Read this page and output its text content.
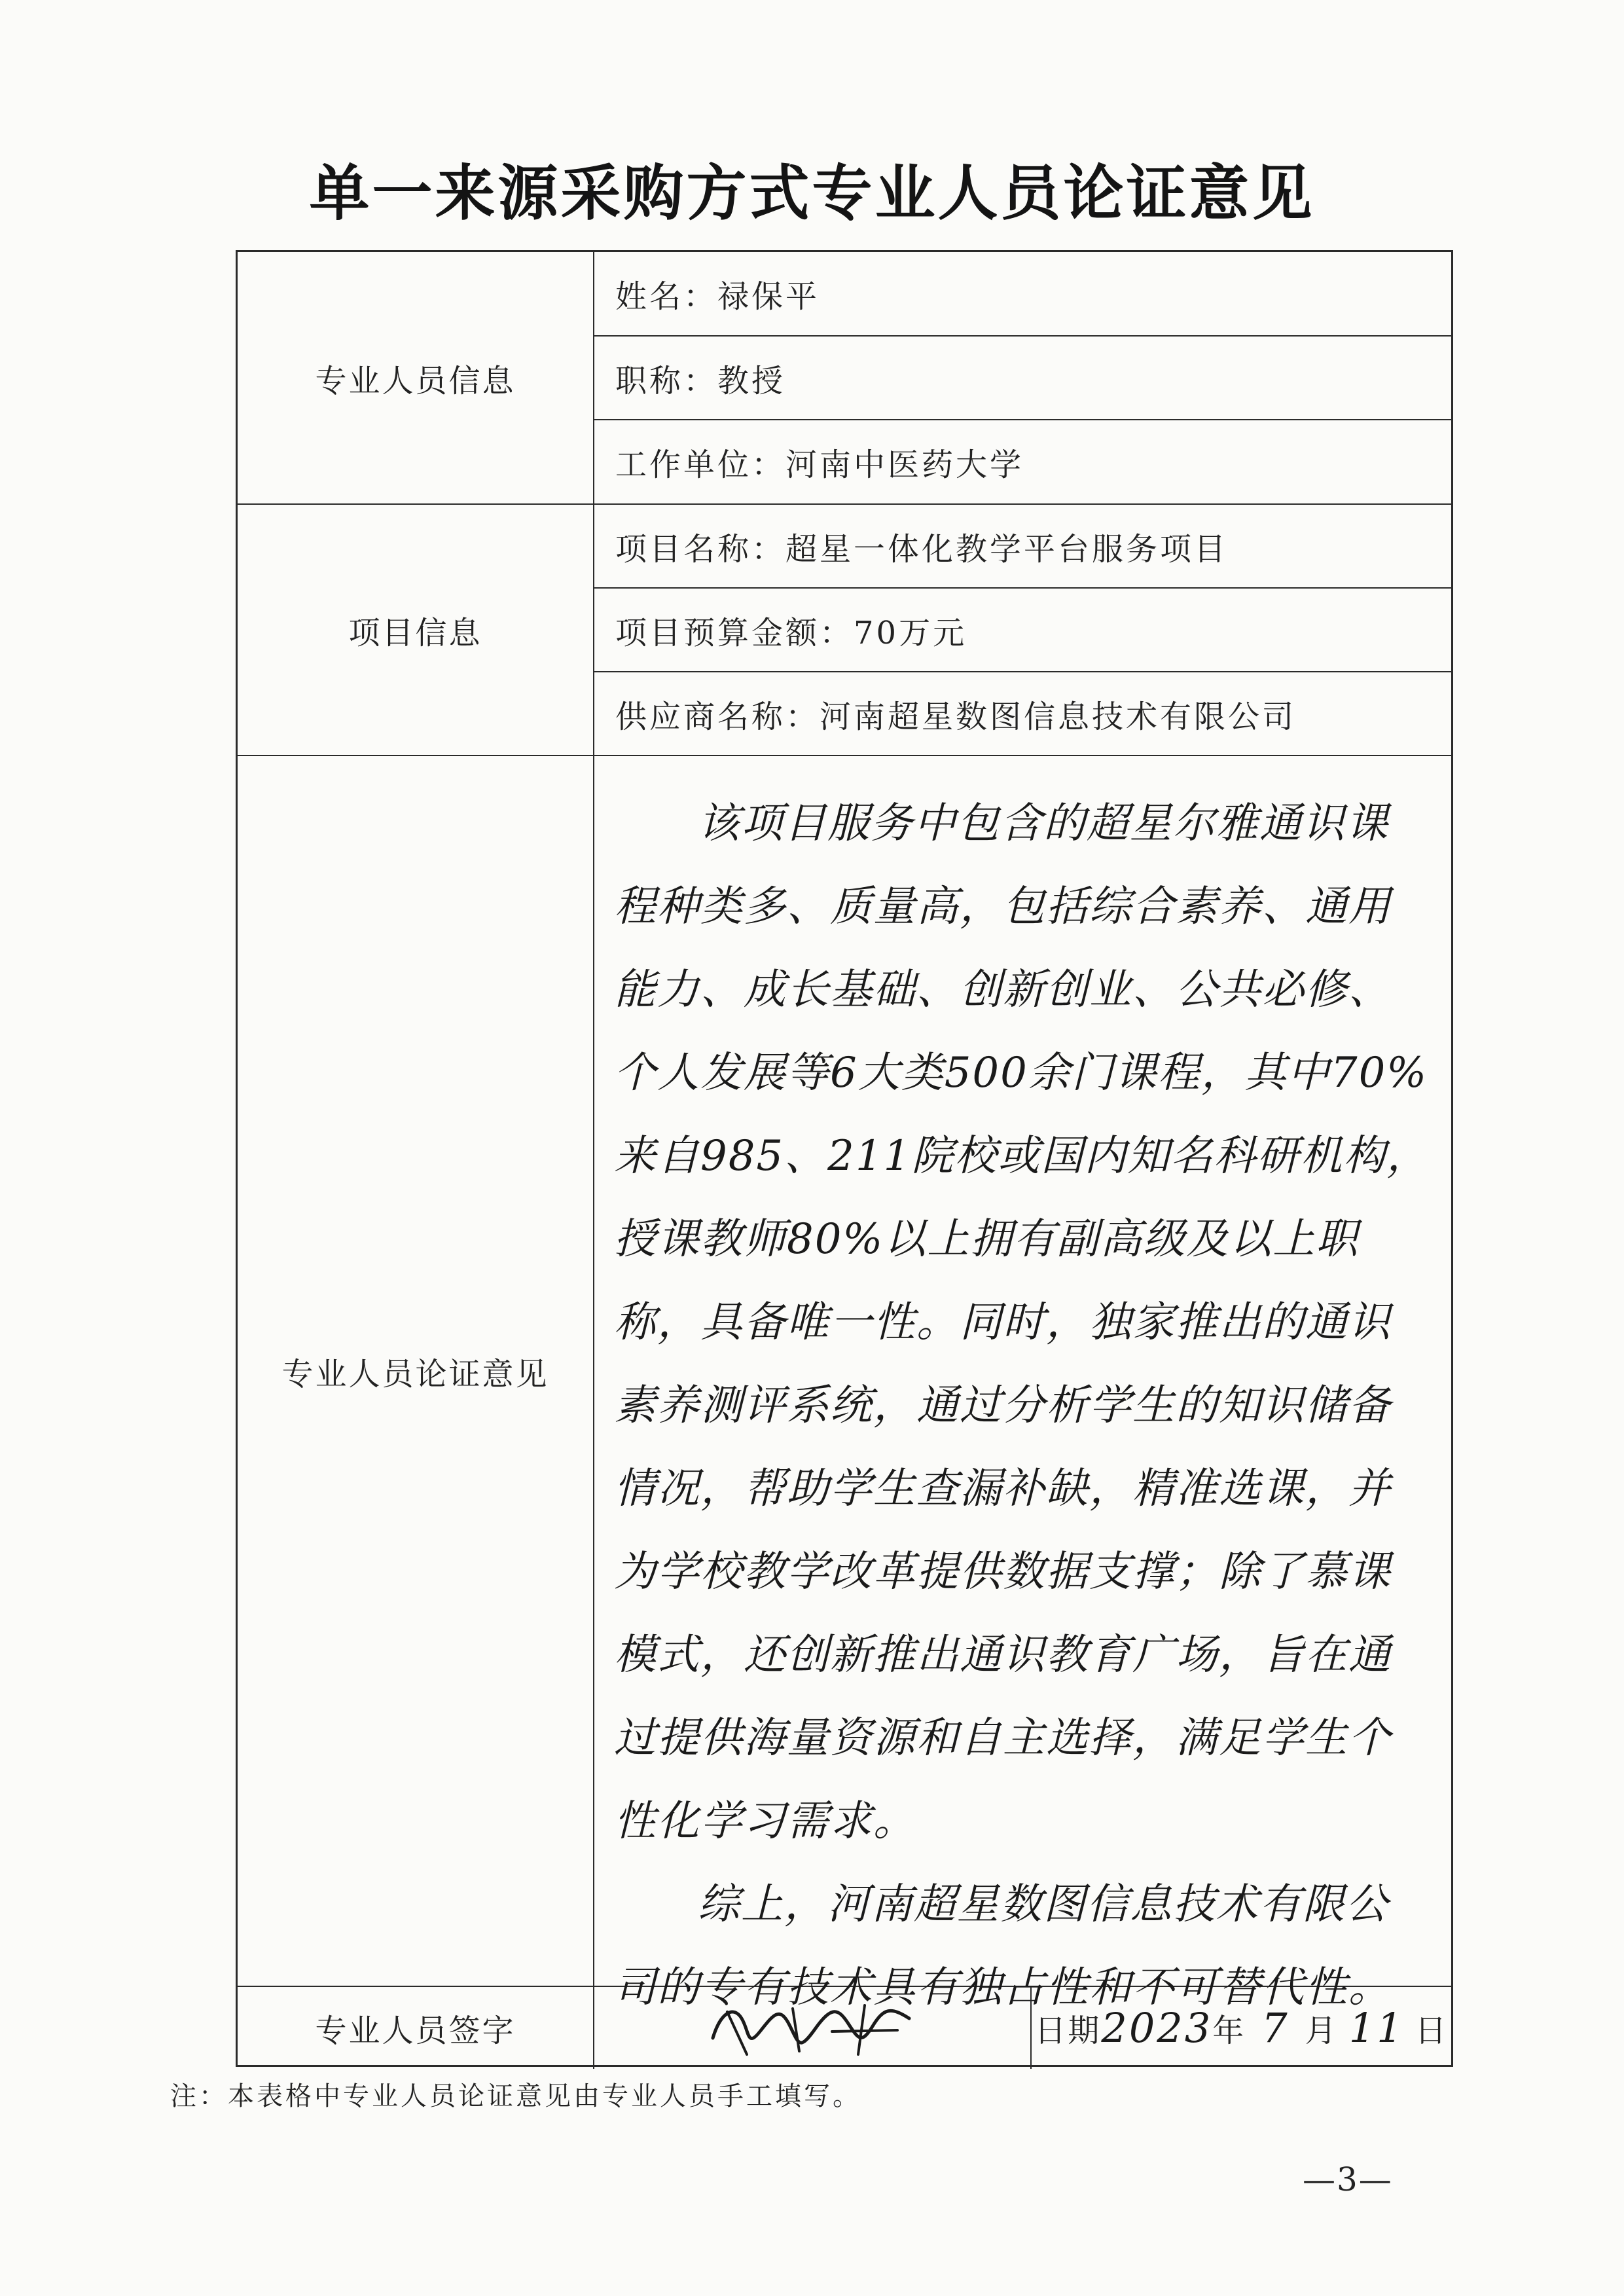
单一来源采购方式专业人员论证意见
专业人员信息
姓名：禄保平
职称：教授
工作单位：河南中医药大学
项目信息
项目名称：超星一体化教学平台服务项目
项目预算金额：70万元
供应商名称：河南超星数图信息技术有限公司
专业人员论证意见

该项目服务中包含的超星尔雅通识课程种类多、质量高，包括综合素养、通用能力、成长基础、创新创业、公共必修、个人发展等6大类500余门课程，其中70%来自985、211院校或国内知名科研机构，授课教师80%以上拥有副高级及以上职称，具备唯一性。同时，独家推出的通识素养测评系统，通过分析学生的知识储备情况，帮助学生查漏补缺，精准选课，并为学校教学改革提供数据支撑；除了慕课模式，还创新推出通识教育广场，旨在通过提供海量资源和自主选择，满足学生个性化学习需求。

综上，河南超星数图信息技术有限公司的专有技术具有独占性和不可替代性。

专业人员签字	日期 2023 年 7 月 11 日
注：本表格中专业人员论证意见由专业人员手工填写。
—3—
